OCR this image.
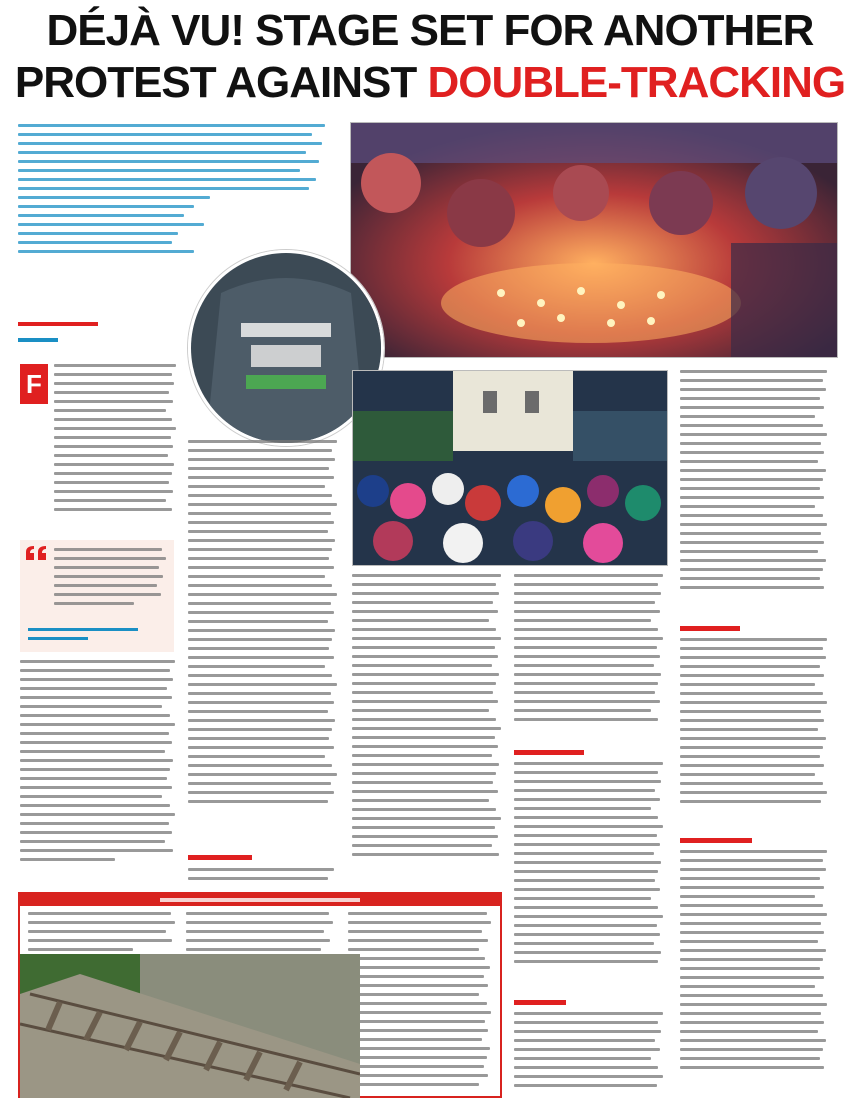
DÉJÀ VU! STAGE SET FOR ANOTHER
PROTEST AGAINST DOUBLE-TRACKING
F
